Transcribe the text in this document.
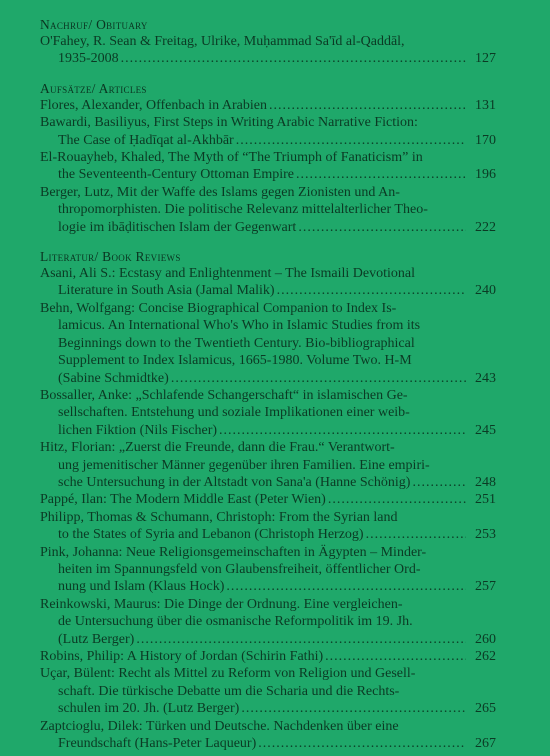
Nachruf/ Obituary
O'Fahey, R. Sean & Freitag, Ulrike, Muḥammad Sa'īd al-Qaddāl,
1935-2008 .....	127
Aufsätze/ Articles
Flores, Alexander, Offenbach in Arabien .....	131
Bawardi, Basiliyus, First Steps in Writing Arabic Narrative Fiction:
The Case of Ḥadīqat al-Akhbār .....	170
El-Rouayheb, Khaled, The Myth of “The Triumph of Fanaticism” in
the Seventeenth-Century Ottoman Empire .....	196
Berger, Lutz, Mit der Waffe des Islams gegen Zionisten und An-
thropomorphisten. Die politische Relevanz mittelalterlicher Theo-
logie im ibāḍitischen Islam der Gegenwart .....	222
Literatur/ Book Reviews
Asani, Ali S.: Ecstasy and Enlightenment – The Ismaili Devotional
Literature in South Asia (Jamal Malik) .....	240
Behn, Wolfgang: Concise Biographical Companion to Index Is-
lamicus. An International Who's Who in Islamic Studies from its
Beginnings down to the Twentieth Century. Bio-bibliographical
Supplement to Index Islamicus, 1665-1980. Volume Two. H-M
(Sabine Schmidtke) .....	243
Bossaller, Anke: „Schlafende Schangerschaft“ in islamischen Ge-
sellschaften. Entstehung und soziale Implikationen einer weib-
lichen Fiktion (Nils Fischer) .....	245
Hitz, Florian: „Zuerst die Freunde, dann die Frau.“ Verantwort-
ung jemenitischer Männer gegenüber ihren Familien. Eine empiri-
sche Untersuchung in der Altstadt von Sana'a (Hanne Schönig) .....	248
Pappé, Ilan: The Modern Middle East (Peter Wien) .....	251
Philipp, Thomas & Schumann, Christoph: From the Syrian land
to the States of Syria and Lebanon (Christoph Herzog) .....	253
Pink, Johanna: Neue Religionsgemeinschaften in Ägypten – Minder-
heiten im Spannungsfeld von Glaubensfreiheit, öffentlicher Ord-
nung und Islam (Klaus Hock) .....	257
Reinkowski, Maurus: Die Dinge der Ordnung. Eine vergleichen-
de Untersuchung über die osmanische Reformpolitik im 19. Jh.
(Lutz Berger) .....	260
Robins, Philip: A History of Jordan (Schirin Fathi) .....	262
Uçar, Bülent: Recht als Mittel zu Reform von Religion und Gesell-
schaft. Die türkische Debatte um die Scharia und die Rechts-
schulen im 20. Jh. (Lutz Berger) .....	265
Zaptcioglu, Dilek: Türken und Deutsche. Nachdenken über eine
Freundschaft (Hans-Peter Laqueur) .....	267
